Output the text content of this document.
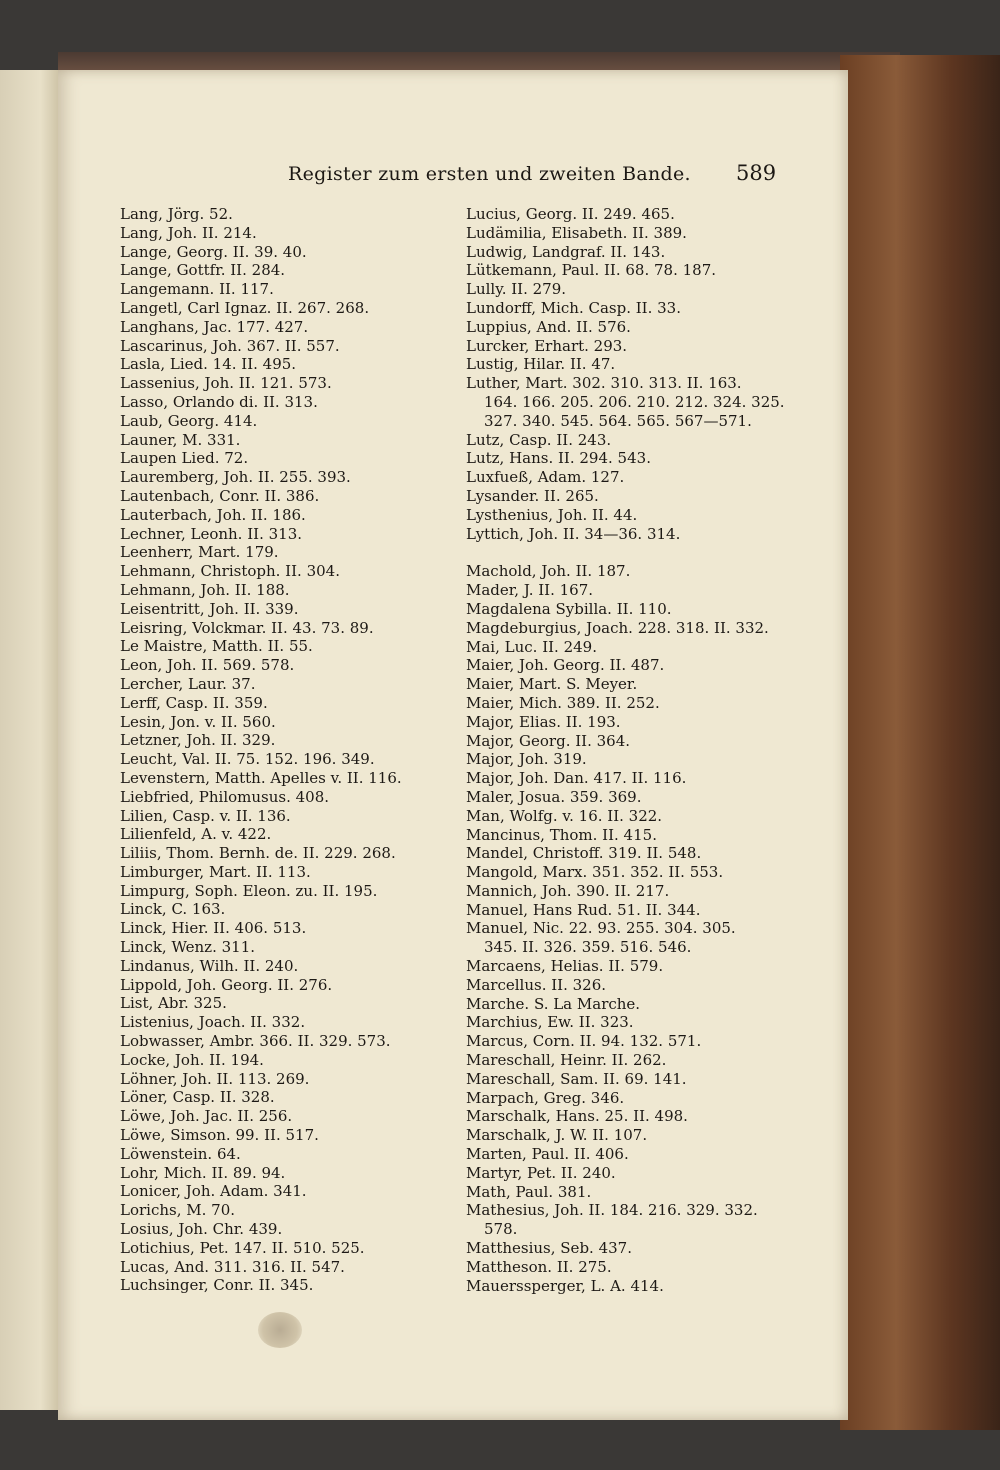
Register zum ersten und zweiten Bande. 589
Lang, Jörg. 52.
Lang, Joh. II. 214.
Lange, Georg. II. 39. 40.
Lange, Gottfr. II. 284.
Langemann. II. 117.
Langetl, Carl Ignaz. II. 267. 268.
Langhans, Jac. 177. 427.
Lascarinus, Joh. 367. II. 557.
Lasla, Lied. 14. II. 495.
Lassenius, Joh. II. 121. 573.
Lasso, Orlando di. II. 313.
Laub, Georg. 414.
Launer, M. 331.
Laupen Lied. 72.
Lauremberg, Joh. II. 255. 393.
Lautenbach, Conr. II. 386.
Lauterbach, Joh. II. 186.
Lechner, Leonh. II. 313.
Leenherr, Mart. 179.
Lehmann, Christoph. II. 304.
Lehmann, Joh. II. 188.
Leisentritt, Joh. II. 339.
Leisring, Volckmar. II. 43. 73. 89.
Le Maistre, Matth. II. 55.
Leon, Joh. II. 569. 578.
Lercher, Laur. 37.
Lerff, Casp. II. 359.
Lesin, Jon. v. II. 560.
Letzner, Joh. II. 329.
Leucht, Val. II. 75. 152. 196. 349.
Levenstern, Matth. Apelles v. II. 116.
Liebfried, Philomusus. 408.
Lilien, Casp. v. II. 136.
Lilienfeld, A. v. 422.
Liliis, Thom. Bernh. de. II. 229. 268.
Limburger, Mart. II. 113.
Limpurg, Soph. Eleon. zu. II. 195.
Linck, C. 163.
Linck, Hier. II. 406. 513.
Linck, Wenz. 311.
Lindanus, Wilh. II. 240.
Lippold, Joh. Georg. II. 276.
List, Abr. 325.
Listenius, Joach. II. 332.
Lobwasser, Ambr. 366. II. 329. 573.
Locke, Joh. II. 194.
Löhner, Joh. II. 113. 269.
Löner, Casp. II. 328.
Löwe, Joh. Jac. II. 256.
Löwe, Simson. 99. II. 517.
Löwenstein. 64.
Lohr, Mich. II. 89. 94.
Lonicer, Joh. Adam. 341.
Lorichs, M. 70.
Losius, Joh. Chr. 439.
Lotichius, Pet. 147. II. 510. 525.
Lucas, And. 311. 316. II. 547.
Luchsinger, Conr. II. 345.
Lucius, Georg. II. 249. 465.
Ludämilia, Elisabeth. II. 389.
Ludwig, Landgraf. II. 143.
Lütkemann, Paul. II. 68. 78. 187.
Lully. II. 279.
Lundorff, Mich. Casp. II. 33.
Luppius, And. II. 576.
Lurcker, Erhart. 293.
Lustig, Hilar. II. 47.
Luther, Mart. 302. 310. 313. II. 163.
164. 166. 205. 206. 210. 212. 324. 325.
327. 340. 545. 564. 565. 567—571.
Lutz, Casp. II. 243.
Lutz, Hans. II. 294. 543.
Luxfueß, Adam. 127.
Lysander. II. 265.
Lysthenius, Joh. II. 44.
Lyttich, Joh. II. 34—36. 314.
Machold, Joh. II. 187.
Mader, J. II. 167.
Magdalena Sybilla. II. 110.
Magdeburgius, Joach. 228. 318. II. 332.
Mai, Luc. II. 249.
Maier, Joh. Georg. II. 487.
Maier, Mart. S. Meyer.
Maier, Mich. 389. II. 252.
Major, Elias. II. 193.
Major, Georg. II. 364.
Major, Joh. 319.
Major, Joh. Dan. 417. II. 116.
Maler, Josua. 359. 369.
Man, Wolfg. v. 16. II. 322.
Mancinus, Thom. II. 415.
Mandel, Christoff. 319. II. 548.
Mangold, Marx. 351. 352. II. 553.
Mannich, Joh. 390. II. 217.
Manuel, Hans Rud. 51. II. 344.
Manuel, Nic. 22. 93. 255. 304. 305.
345. II. 326. 359. 516. 546.
Marcaens, Helias. II. 579.
Marcellus. II. 326.
Marche. S. La Marche.
Marchius, Ew. II. 323.
Marcus, Corn. II. 94. 132. 571.
Mareschall, Heinr. II. 262.
Mareschall, Sam. II. 69. 141.
Marpach, Greg. 346.
Marschalk, Hans. 25. II. 498.
Marschalk, J. W. II. 107.
Marten, Paul. II. 406.
Martyr, Pet. II. 240.
Math, Paul. 381.
Mathesius, Joh. II. 184. 216. 329. 332.
578.
Matthesius, Seb. 437.
Mattheson. II. 275.
Mauerssperger, L. A. 414.
